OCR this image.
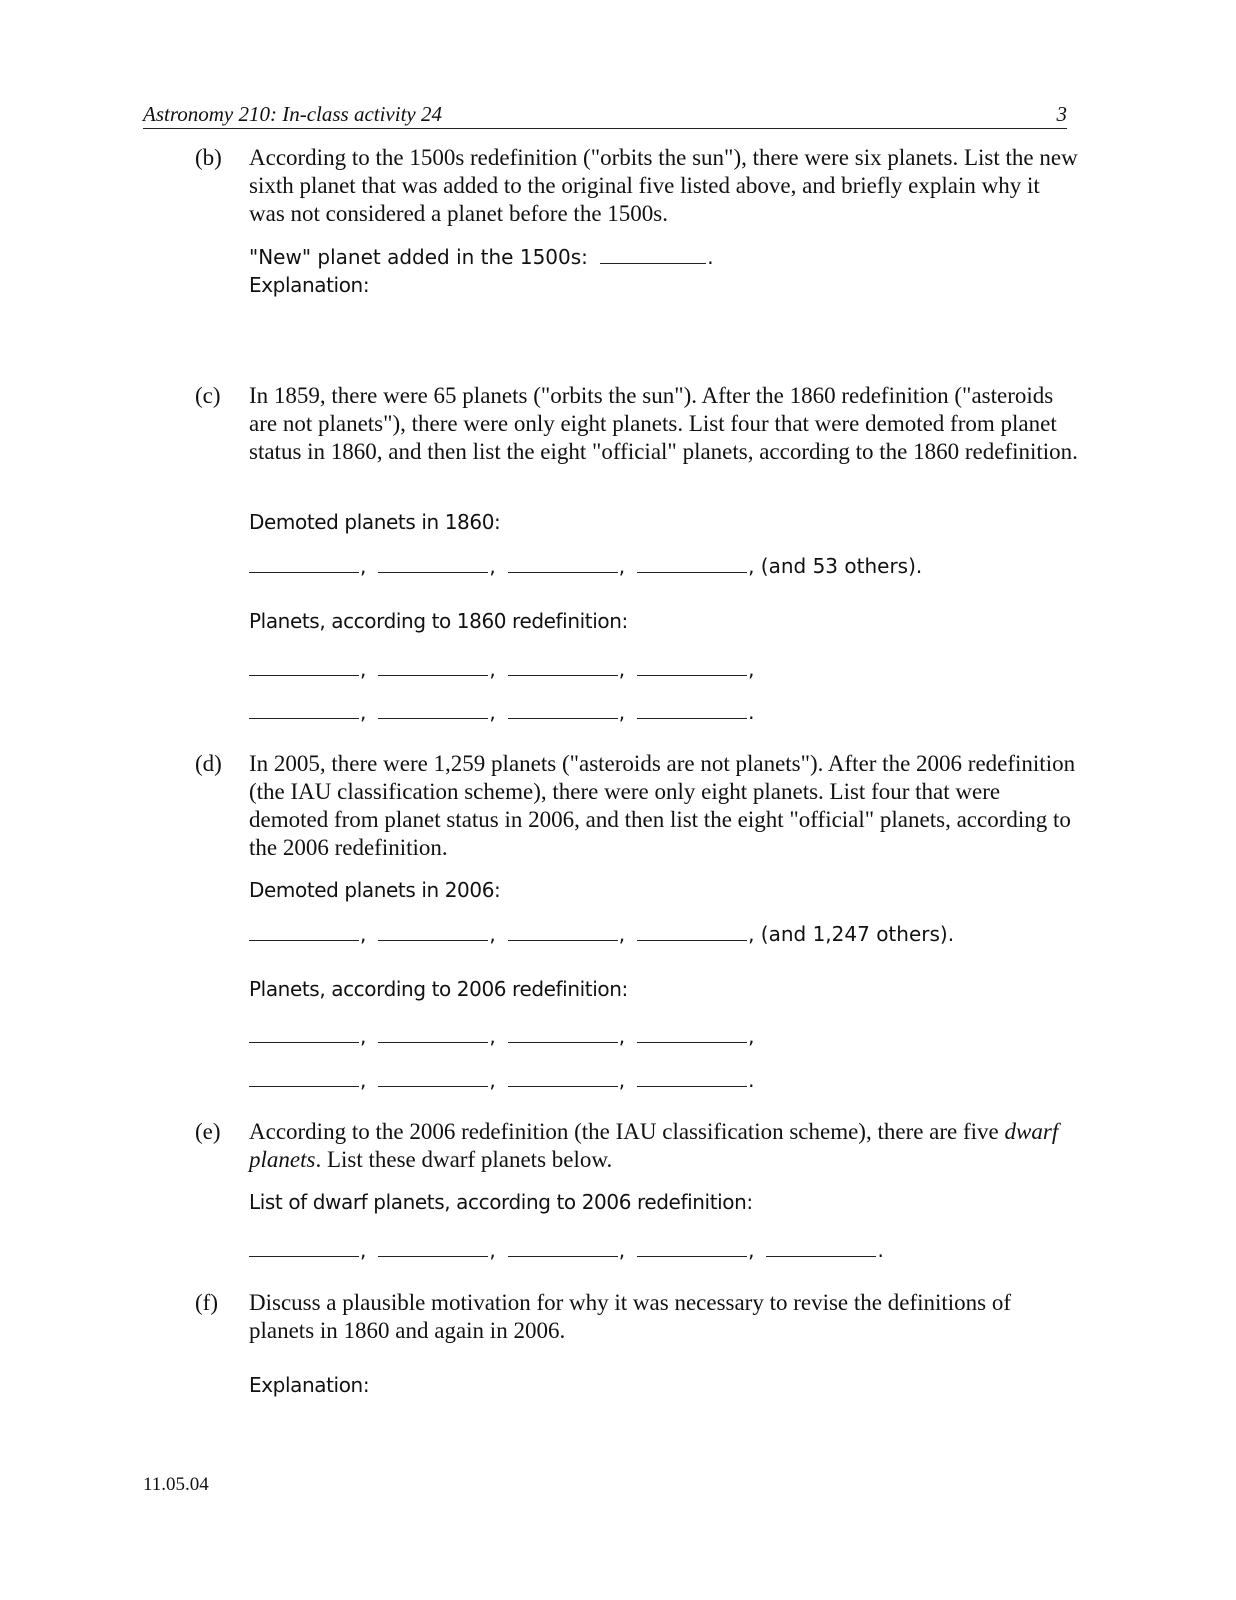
Astronomy 210: In-class activity 24	3
(b) According to the 1500s redefinition ("orbits the sun"), there were six planets. List the new sixth planet that was added to the original five listed above, and briefly explain why it was not considered a planet before the 1500s.
"New" planet added in the 1500s:	.
Explanation:
(c) In 1859, there were 65 planets ("orbits the sun"). After the 1860 redefinition ("asteroids are not planets"), there were only eight planets. List four that were demoted from planet status in 1860, and then list the eight "official" planets, according to the 1860 redefinition.
Demoted planets in 1860:
,	,	,	, (and 53 others).
Planets, according to 1860 redefinition:
,	,	,	,
,	,	,	.
(d) In 2005, there were 1,259 planets ("asteroids are not planets"). After the 2006 redefinition (the IAU classification scheme), there were only eight planets. List four that were demoted from planet status in 2006, and then list the eight "official" planets, according to the 2006 redefinition.
Demoted planets in 2006:
,	,	,	, (and 1,247 others).
Planets, according to 2006 redefinition:
,	,	,	,
,	,	,	.
(e) According to the 2006 redefinition (the IAU classification scheme), there are five dwarf planets. List these dwarf planets below.
List of dwarf planets, according to 2006 redefinition:
,	,	,	,	.
(f) Discuss a plausible motivation for why it was necessary to revise the definitions of planets in 1860 and again in 2006.
Explanation:
11.05.04
